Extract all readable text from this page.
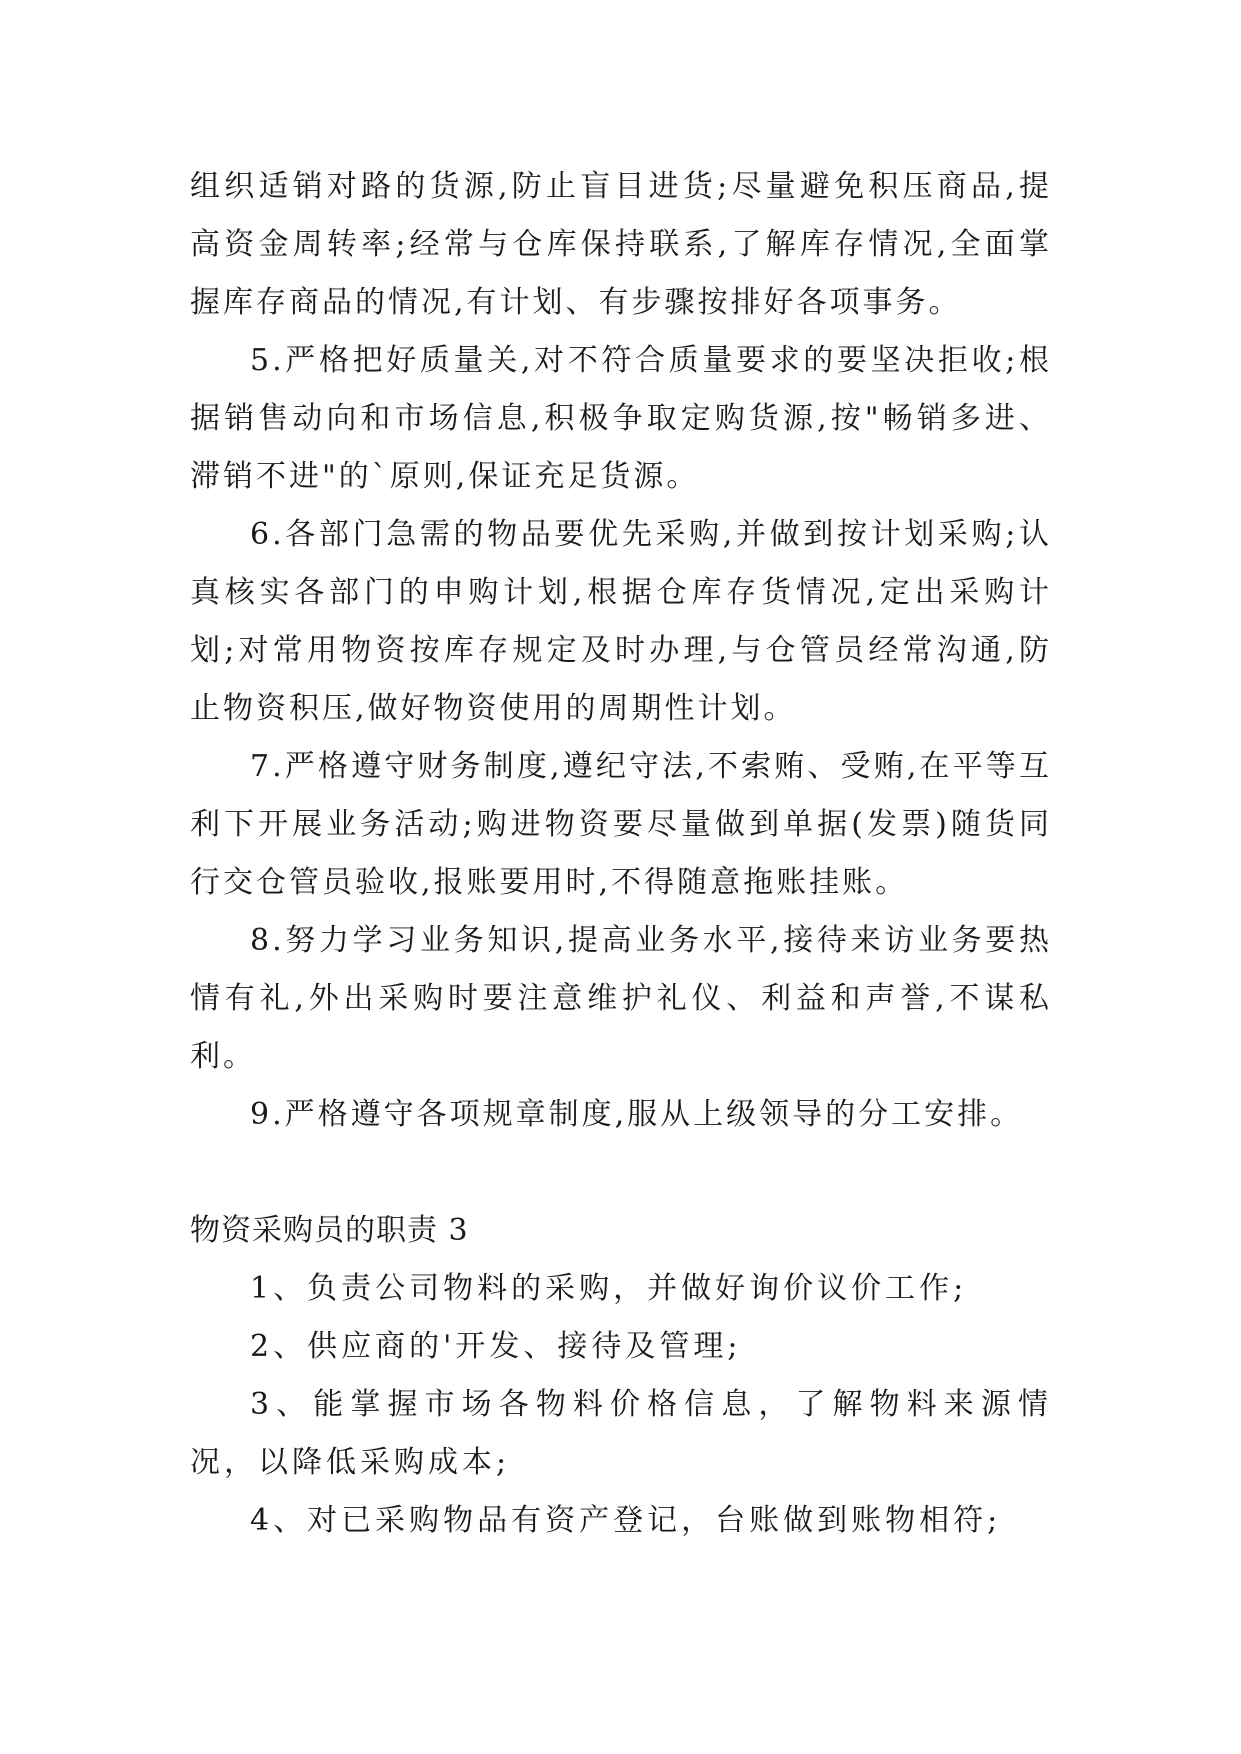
组织适销对路的货源,防止盲目进货;尽量避免积压商品,提高资金周转率;经常与仓库保持联系,了解库存情况,全面掌握库存商品的情况,有计划、有步骤按排好各项事务。

5.严格把好质量关,对不符合质量要求的要坚决拒收;根据销售动向和市场信息,积极争取定购货源,按"畅销多进、滞销不进"的`原则,保证充足货源。

6.各部门急需的物品要优先采购,并做到按计划采购;认真核实各部门的申购计划,根据仓库存货情况,定出采购计划;对常用物资按库存规定及时办理,与仓管员经常沟通,防止物资积压,做好物资使用的周期性计划。

7.严格遵守财务制度,遵纪守法,不索贿、受贿,在平等互利下开展业务活动;购进物资要尽量做到单据(发票)随货同行交仓管员验收,报账要用时,不得随意拖账挂账。

8.努力学习业务知识,提高业务水平,接待来访业务要热情有礼,外出采购时要注意维护礼仪、利益和声誉,不谋私利。

9.严格遵守各项规章制度,服从上级领导的分工安排。

物资采购员的职责 3

1、负责公司物料的采购，并做好询价议价工作;

2、供应商的'开发、接待及管理;

3、能掌握市场各物料价格信息，了解物料来源情况，以降低采购成本;

4、对已采购物品有资产登记，台账做到账物相符;
